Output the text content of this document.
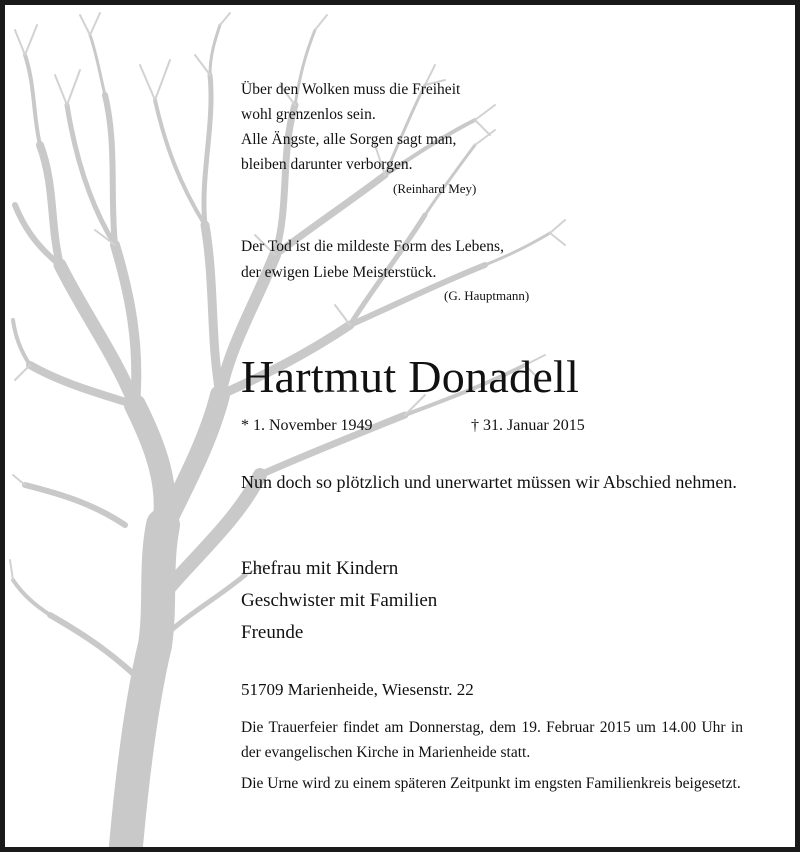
Über den Wolken muss die Freiheit
wohl grenzenlos sein.
Alle Ängste, alle Sorgen sagt man,
bleiben darunter verborgen.
(Reinhard Mey)
Der Tod ist die mildeste Form des Lebens,
der ewigen Liebe Meisterstück.
(G. Hauptmann)
Hartmut Donadell
* 1. November 1949	† 31. Januar 2015
Nun doch so plötzlich und unerwartet müssen wir Abschied nehmen.
Ehefrau mit Kindern
Geschwister mit Familien
Freunde
51709 Marienheide, Wiesenstr. 22
Die Trauerfeier findet am Donnerstag, dem 19. Februar 2015 um 14.00 Uhr in der evangelischen Kirche in Marienheide statt.
Die Urne wird zu einem späteren Zeitpunkt im engsten Familienkreis beigesetzt.
